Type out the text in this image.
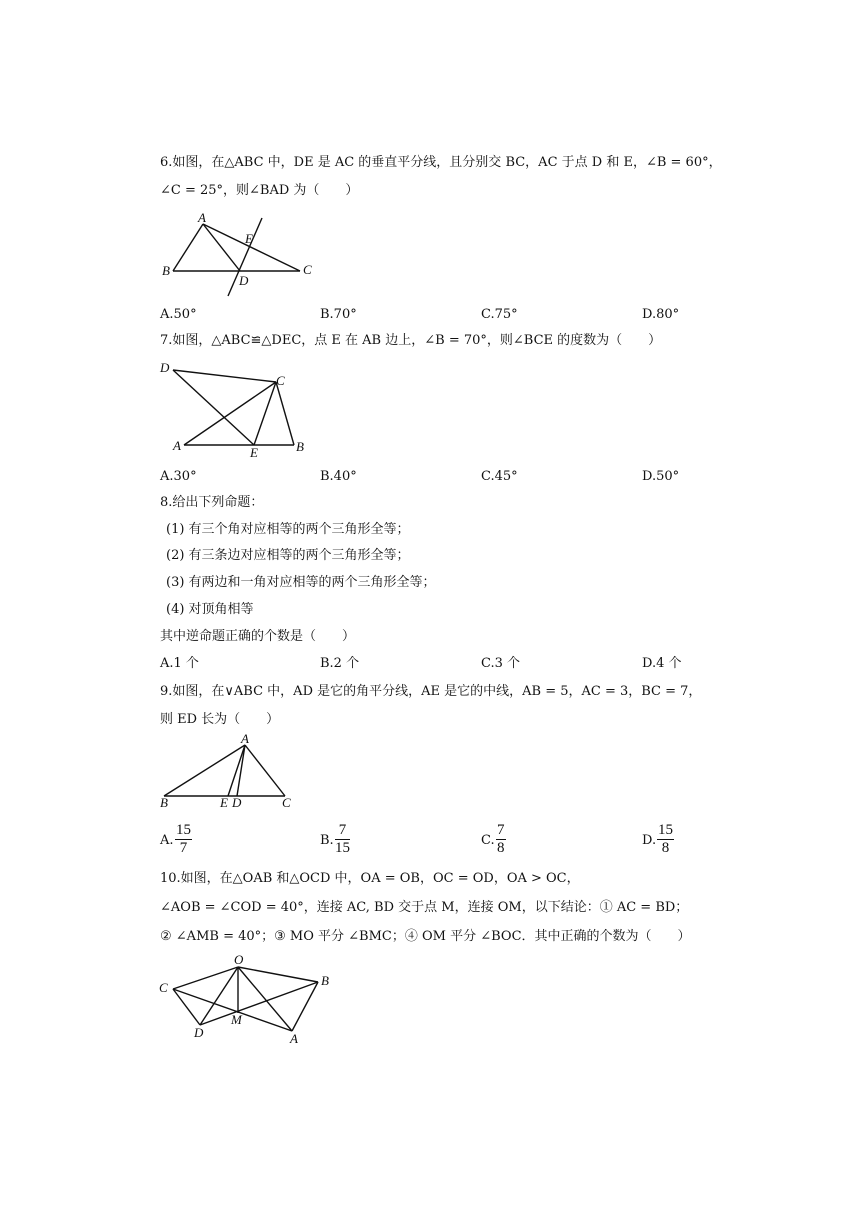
6.如图，在△ABC 中，DE 是 AC 的垂直平分线，且分别交 BC，AC 于点 D 和 E，∠B = 60°，
∠C = 25°，则∠BAD 为（　　）
A
B	C
D
E
A.50°	B.70°	C.75°	D.80°
7.如图，△ABC≌△DEC，点 E 在 AB 边上，∠B = 70°，则∠BCE 的度数为（　　）
D
C
A	E	B
A.30°	B.40°	C.45°	D.50°
8.给出下列命题：
(1) 有三个角对应相等的两个三角形全等；
(2) 有三条边对应相等的两个三角形全等；
(3) 有两边和一角对应相等的两个三角形全等；
(4) 对顶角相等
其中逆命题正确的个数是（　　）
A.1 个	B.2 个	C.3 个	D.4 个
9.如图，在∨ABC 中，AD 是它的角平分线，AE 是它的中线，AB = 5，AC = 3，BC = 7，
则 ED 长为（　　）
A
B	E D	C
A. $\frac{15}{7}$	B. $\frac{7}{15}$	C. $\frac{7}{8}$	D. $\frac{15}{8}$
10.如图，在△OAB 和△OCD 中，OA = OB，OC = OD，OA > OC，
∠AOB = ∠COD = 40°，连接 AC, BD 交于点 M，连接 OM，以下结论：① AC = BD；
② ∠AMB = 40°；③ MO 平分 ∠BMC；④ OM 平分 ∠BOC．其中正确的个数为（　　）
O
C	B
D
M
A
